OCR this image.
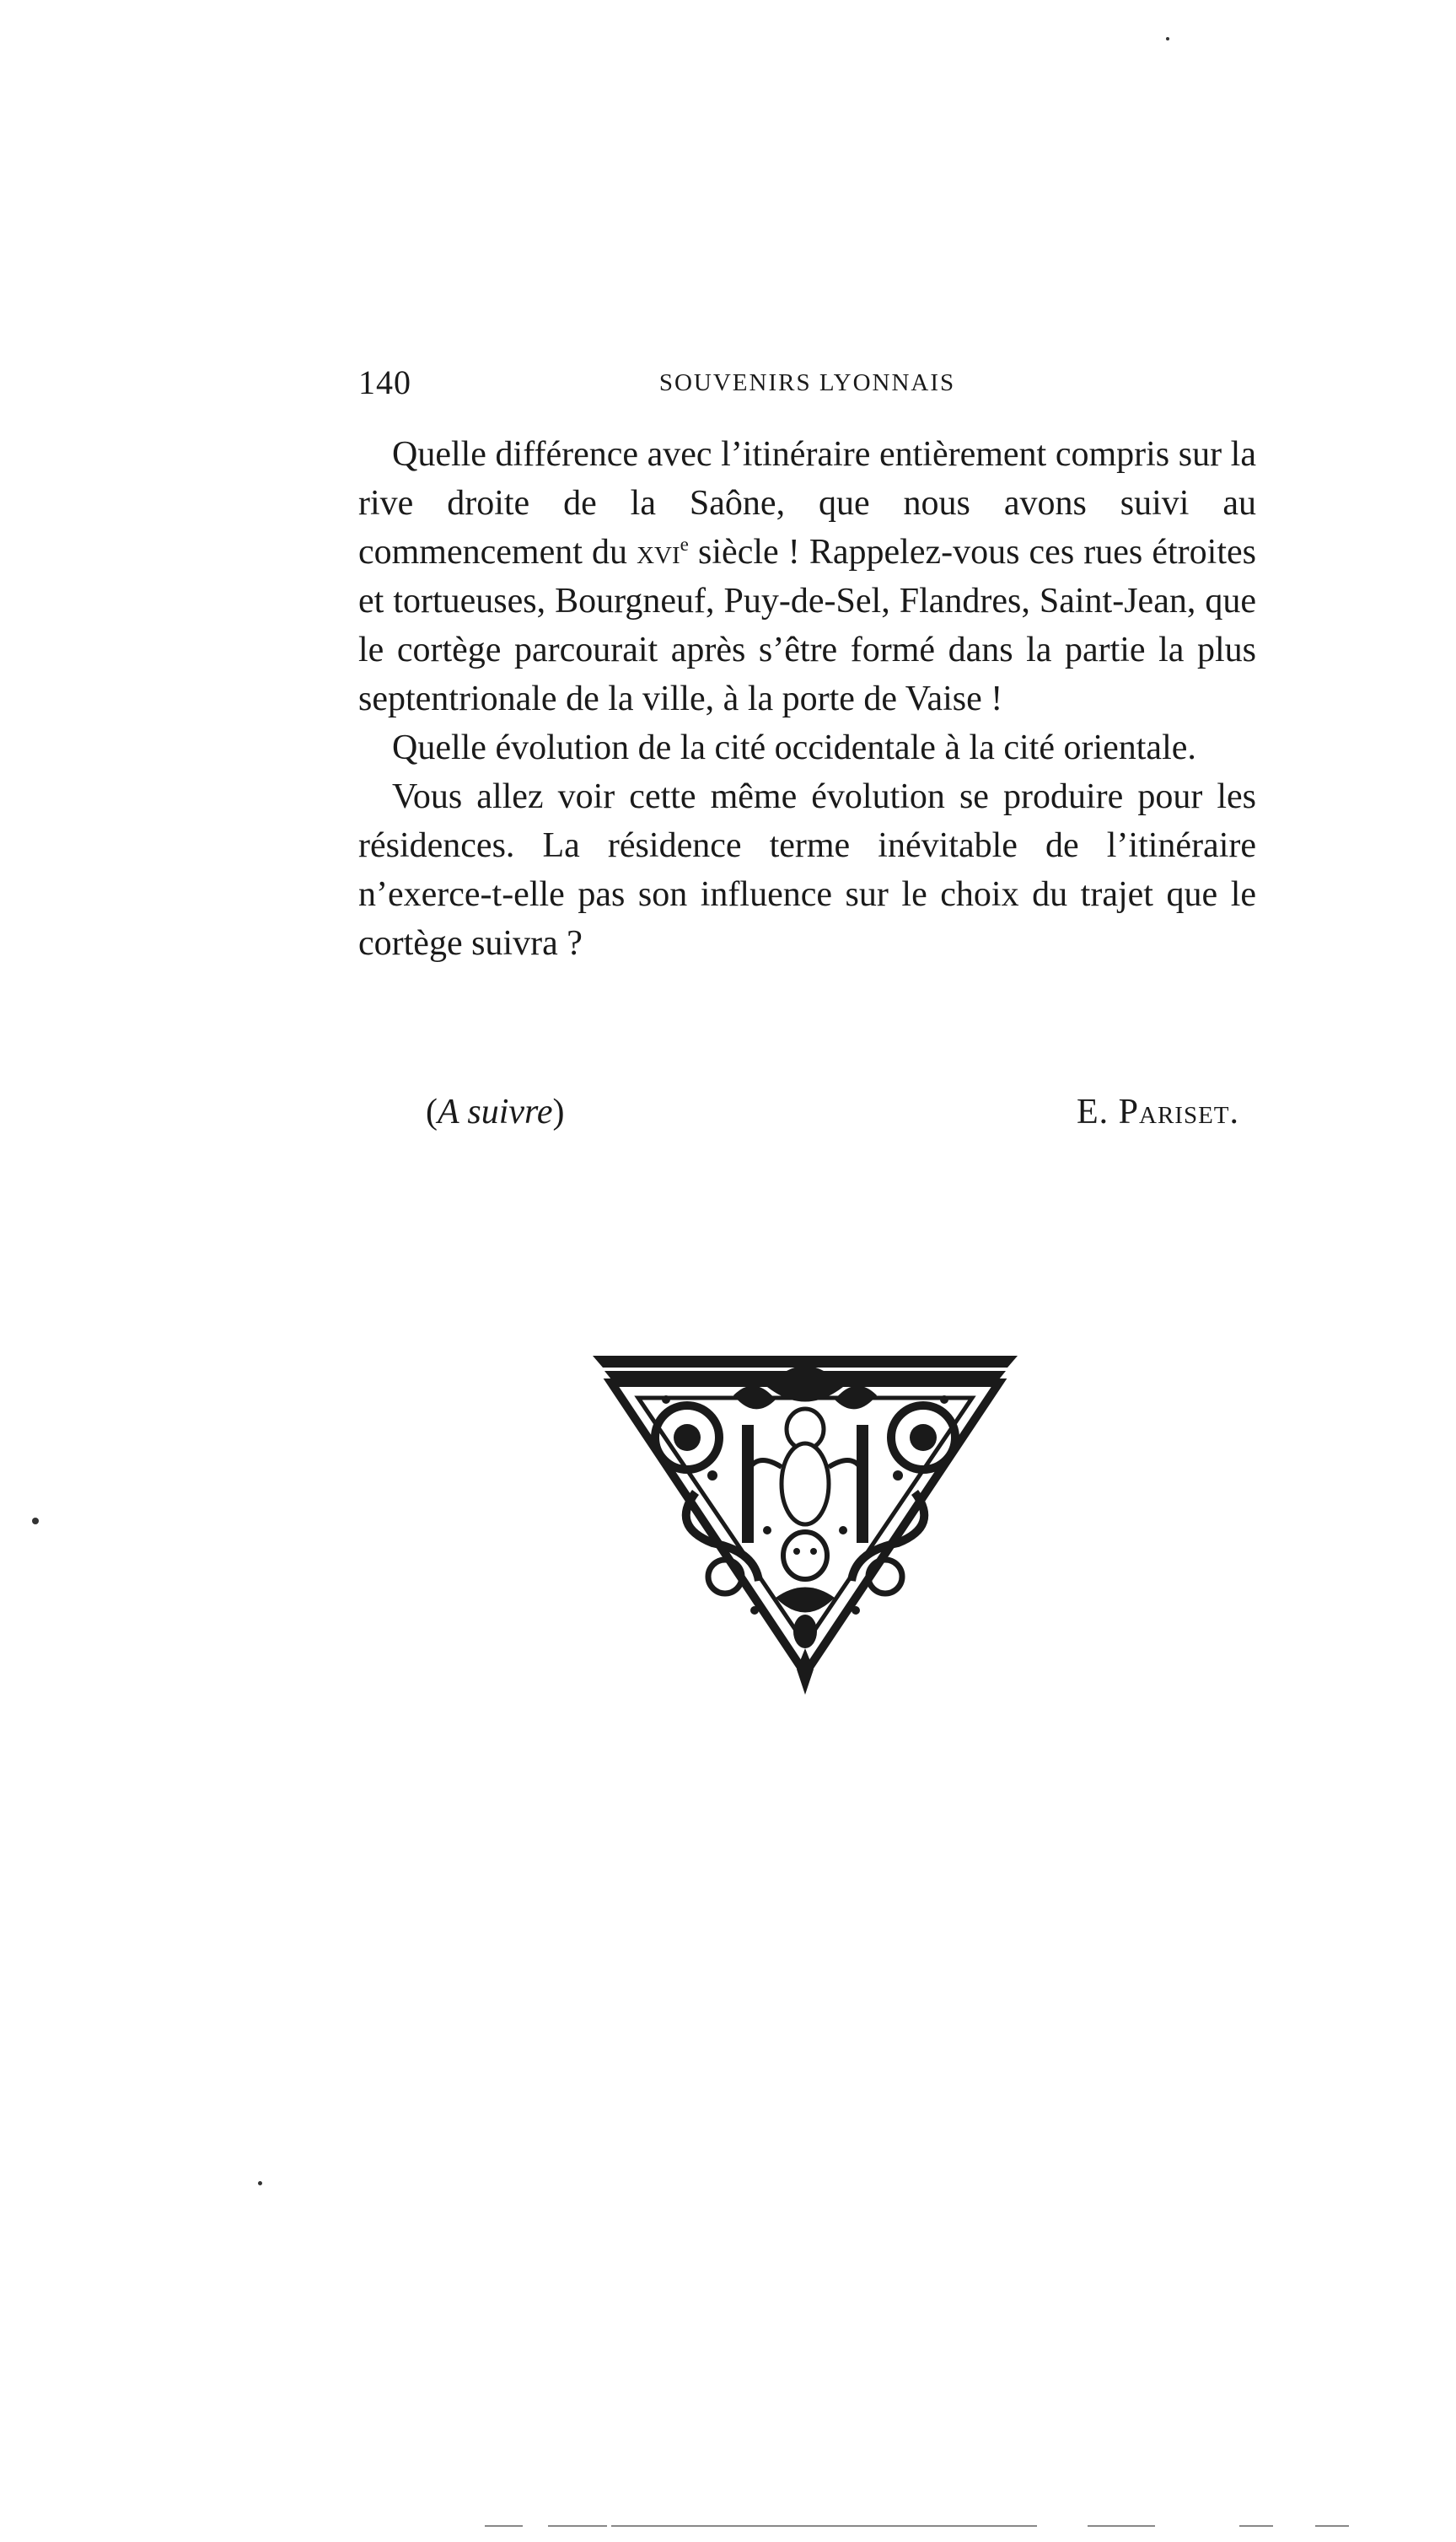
140	SOUVENIRS LYONNAIS

Quelle différence avec l’itinéraire entièrement compris sur la rive droite de la Saône, que nous avons suivi au commencement du xvi$^e$ siècle ! Rappelez-vous ces rues étroites et tortueuses, Bourgneuf, Puy-de-Sel, Flandres, Saint-Jean, que le cortège parcourait après s’être formé dans la partie la plus septentrionale de la ville, à la porte de Vaise !

Quelle évolution de la cité occidentale à la cité orientale.

Vous allez voir cette même évolution se produire pour les résidences. La résidence terme inévitable de l’itinéraire n’exerce-t-elle pas son influence sur le choix du trajet que le cortège suivra ?

(A suivre)	E. Pariset.
